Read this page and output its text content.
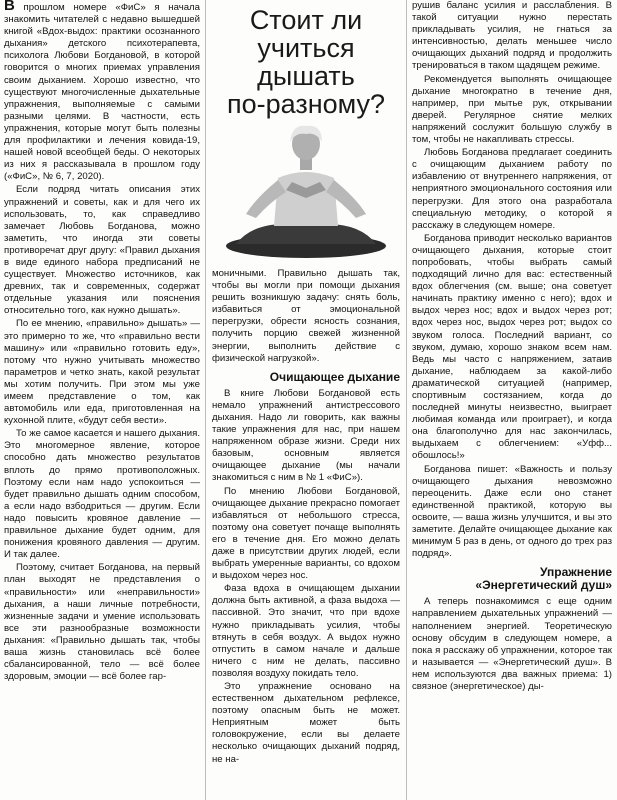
В прошлом номере «ФиС» я начала знакомить читателей с недавно вышедшей книгой «Вдох-выдох: практики осознанного дыхания» детского психотерапевта, психолога Любови Богдановой, в которой говорится о многих приемах управления своим дыханием. Хорошо известно, что существуют многочисленные дыхательные упражнения, выполняемые с самыми разными целями. В частности, есть упражнения, которые могут быть полезны для профилактики и лечения ковида-19, нашей новой всеобщей беды. О некоторых из них я рассказывала в прошлом году («ФиС», № 6, 7, 2020).

Если подряд читать описания этих упражнений и советы, как и для чего их использовать, то, как справедливо замечает Любовь Богданова, можно заметить, что иногда эти советы противоречат друг другу: «Правил дыхания в виде единого набора предписаний не существует. Множество источников, как древних, так и современных, содержат отдельные указания или пояснения относительно того, как нужно дышать».

По ее мнению, «правильно» дышать» — это примерно то же, что «правильно вести машину» или «правильно готовить еду», потому что нужно учитывать множество параметров и четко знать, какой результат мы хотим получить. При этом мы уже имеем представление о том, как автомобиль или еда, приготовленная на кухонной плите, «будут себя вести».

То же самое касается и нашего дыхания. Это многомерное явление, которое способно дать множество результатов вплоть до прямо противоположных. Поэтому если нам надо успокоиться — будет правильно дышать одним способом, а если надо взбодриться — другим. Если надо повысить кровяное давление — правильное дыхание будет одним, для понижения кровяного давления — другим. И так далее.

Поэтому, считает Богданова, на первый план выходят не представления о «правильности» или «неправильности» дыхания, а наши личные потребности, жизненные задачи и умение использовать все эти разнообразные возможности дыхания: «Правильно дышать так, чтобы ваша жизнь становилась всё более сбалансированной, тело — всё более здоровым, эмоции — всё более гар-

Стоит ли
учиться
дышать
по-разному?

моничными. Правильно дышать так, чтобы вы могли при помощи дыхания решить возникшую задачу: снять боль, избавиться от эмоциональной перегрузки, обрести ясность сознания, получить порцию свежей жизненной энергии, выполнить действие с физической нагрузкой».

Очищающее дыхание

В книге Любови Богдановой есть немало упражнений антистрессового дыхания. Надо ли говорить, как важны такие упражнения для нас, при нашем напряженном образе жизни. Среди них базовым, основным является очищающее дыхание (мы начали знакомиться с ним в № 1 «ФиС»).

По мнению Любови Богдановой, очищающее дыхание прекрасно помогает избавляться от небольшого стресса, поэтому она советует почаще выполнять его в течение дня. Его можно делать даже в присутствии других людей, если выбрать умеренные варианты, со вдохом и выдохом через нос.

Фаза вдоха в очищающем дыхании должна быть активной, а фаза выдоха — пассивной. Это значит, что при вдохе нужно прикладывать усилия, чтобы втянуть в себя воздух. А выдох нужно отпустить в самом начале и дальше ничего с ним не делать, пассивно позволяя воздуху покидать тело.

Это упражнение основано на естественном дыхательном рефлексе, поэтому опасным быть не может. Неприятным может быть головокружение, если вы делаете несколько очищающих дыханий подряд, не на-

рушив баланс усилия и расслабления. В такой ситуации нужно перестать прикладывать усилия, не гнаться за интенсивностью, делать меньшее число очищающих дыханий подряд и продолжить тренироваться в таком щадящем режиме.

Рекомендуется выполнять очищающее дыхание многократно в течение дня, например, при мытье рук, открывании дверей. Регулярное снятие мелких напряжений сослужит большую службу в том, чтобы не накапливать стрессы.

Любовь Богданова предлагает соединить с очищающим дыханием работу по избавлению от внутреннего напряжения, от неприятного эмоционального состояния или перегрузки. Для этого она разработала специальную методику, о которой я расскажу в следующем номере.

Богданова приводит несколько вариантов очищающего дыхания, которые стоит попробовать, чтобы выбрать самый подходящий лично для вас: естественный вдох облегчения (см. выше; она советует начинать практику именно с него); вдох и выдох через нос; вдох и выдох через рот; вдох через нос, выдох через рот; выдох со звуком голоса. Последний вариант, со звуком, думаю, хорошо знаком всем нам. Ведь мы часто с напряжением, затаив дыхание, наблюдаем за какой-либо драматической ситуацией (например, спортивным состязанием, когда до последней минуты неизвестно, выиграет любимая команда или проиграет), и когда она благополучно для нас закончилась, выдыхаем с облегчением: «Уфф... обошлось!»

Богданова пишет: «Важность и пользу очищающего дыхания невозможно переоценить. Даже если оно станет единственной практикой, которую вы освоите, — ваша жизнь улучшится, и вы это заметите. Делайте очищающее дыхание как минимум 5 раз в день, от одного до трех раз подряд».

Упражнение
«Энергетический душ»

А теперь познакомимся с еще одним направлением дыхательных упражнений — наполнением энергией. Теоретическую основу обсудим в следующем номере, а пока я расскажу об упражнении, которое так и называется — «Энергетический душ». В нем используются два важных приема: 1) связное (энергетическое) ды-
